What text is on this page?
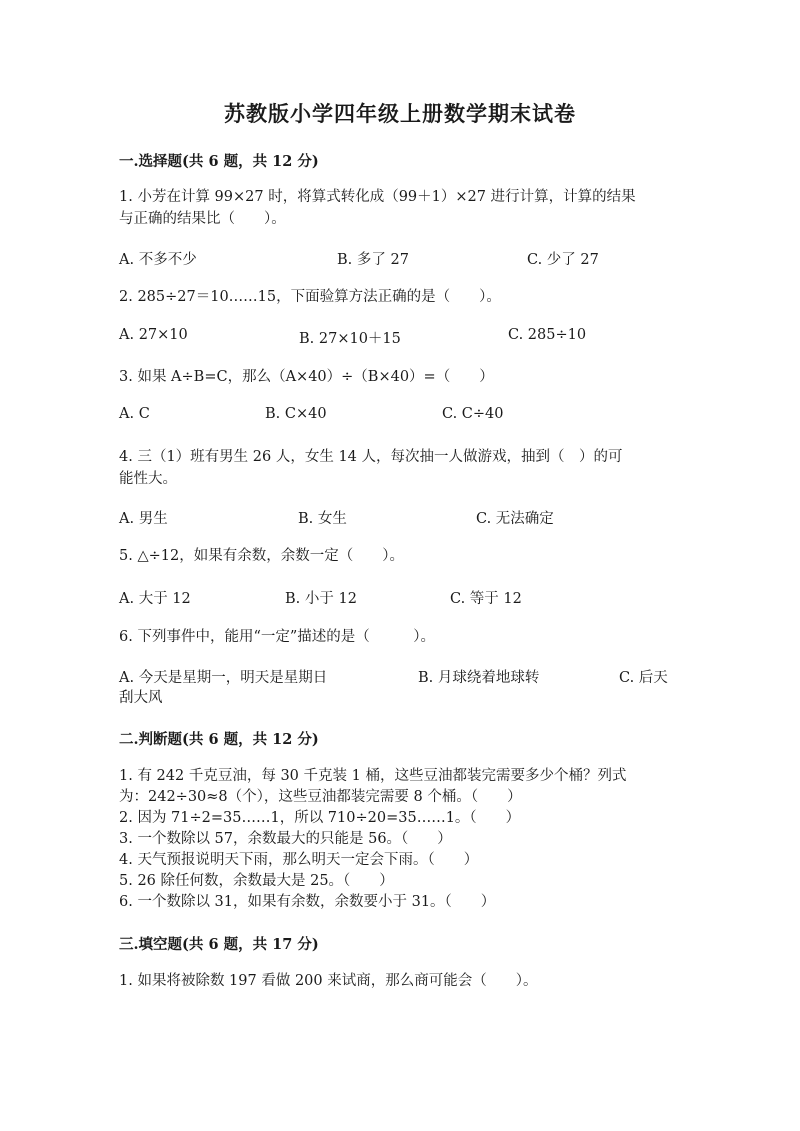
苏教版小学四年级上册数学期末试卷
一.选择题(共 6 题，共 12 分)
1. 小芳在计算 99×27 时，将算式转化成（99＋1）×27 进行计算，计算的结果
与正确的结果比（　　）。
A. 不多不少	B. 多了 27	C. 少了 27
2. 285÷27＝10……15，下面验算方法正确的是（　　）。
A. 27×10	B. 27×10＋15	C. 285÷10
3. 如果 A÷B=C，那么（A×40）÷（B×40）=（　　）
A. C	B. C×40	C. C÷40
4. 三（1）班有男生 26 人，女生 14 人，每次抽一人做游戏，抽到（　）的可
能性大。
A. 男生	B. 女生	C. 无法确定
5. △÷12，如果有余数，余数一定（　　）。
A. 大于 12	B. 小于 12	C. 等于 12
6. 下列事件中，能用“一定”描述的是（　　　）。
A. 今天是星期一，明天是星期日	B. 月球绕着地球转	C. 后天
刮大风
二.判断题(共 6 题，共 12 分)
1. 有 242 千克豆油，每 30 千克装 1 桶，这些豆油都装完需要多少个桶？列式
为：242÷30≈8（个），这些豆油都装完需要 8 个桶。（　　）
2. 因为 71÷2=35……1，所以 710÷20=35……1。（　　）
3. 一个数除以 57，余数最大的只能是 56。（　　）
4. 天气预报说明天下雨，那么明天一定会下雨。（　　）
5. 26 除任何数，余数最大是 25。（　　）
6. 一个数除以 31，如果有余数，余数要小于 31。（　　）
三.填空题(共 6 题，共 17 分)
1. 如果将被除数 197 看做 200 来试商，那么商可能会（　　）。
